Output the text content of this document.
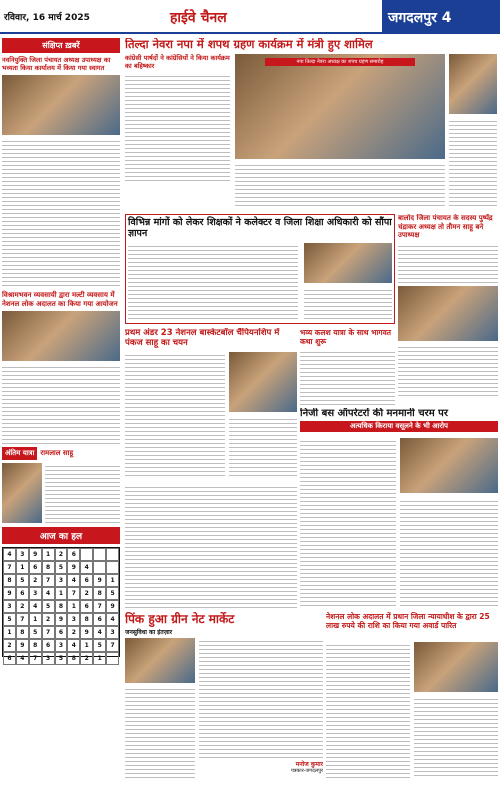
रविवार, 16 मार्च 2025	हाईवे चैनल	जगदलपुर 4
संक्षिप्त ख़बरें
नवनियुक्ति जिला पंचायत अध्यक्ष उपाध्यक्ष का भव्यता किया कार्यालय में किया गया स्वागत
विश्रामभवन व्यवसायी द्वारा मल्टी व्यवसाय में नेशनल लोक अदालत का किया गया आयोजन
अंतिम यात्रा रामलाल साहू
आज का हल
4	3	9	1	2	6
7	1	6	8	5	9	4
8	5	2	7	3	4	6	9	1
9	6	3	4	1	7	2	8	5
3	2	4	5	8	1	6	7	9
5	7	1	2	9	3	8	6	4
1	8	5	7	6	2	9	4	3
2	9	8	6	3	4	1	5	7
6	4	7	3	5	8	2	1
तिल्दा नेवरा नपा में शपथ ग्रहण कार्यक्रम में मंत्री हुए शामिल
कांग्रेसी पार्षदों ने कांग्रेसियों ने किया कार्यक्रम का बहिष्कार	नपा तिल्दा नेवरा अध्यक्ष का शपथ ग्रहण समारोह
विभिन्न मांगों को लेकर शिक्षकों ने कलेक्टर व जिला शिक्षा अधिकारी को सौंपा ज्ञापन
बालोद जिला पंचायत के सदस्य पुष्पेंद्र चंद्राकर अध्यक्ष तो तौमन साहू बने उपाध्यक्ष
प्रथम अंडर 23 नेशनल बास्केटबॉल चैंपियनशिप में पंकज साहू का चयन
भव्य कलश यात्रा के साथ भागवत कथा शुरू
निजी बस ऑपरेटरों की मनमानी चरम पर
अत्यधिक किराया वसूलने के भी आरोप
पिंक हुआ ग्रीन नेट मार्केट
जनसुविधा का इंतज़ार
मनोज कुमार
पत्रकार-जगदलपुर
नेशनल लोक अदालत में प्रधान जिला न्यायाधीश के द्वारा 25 लाख रुपये की राशि का किया गया अवार्ड पारित
